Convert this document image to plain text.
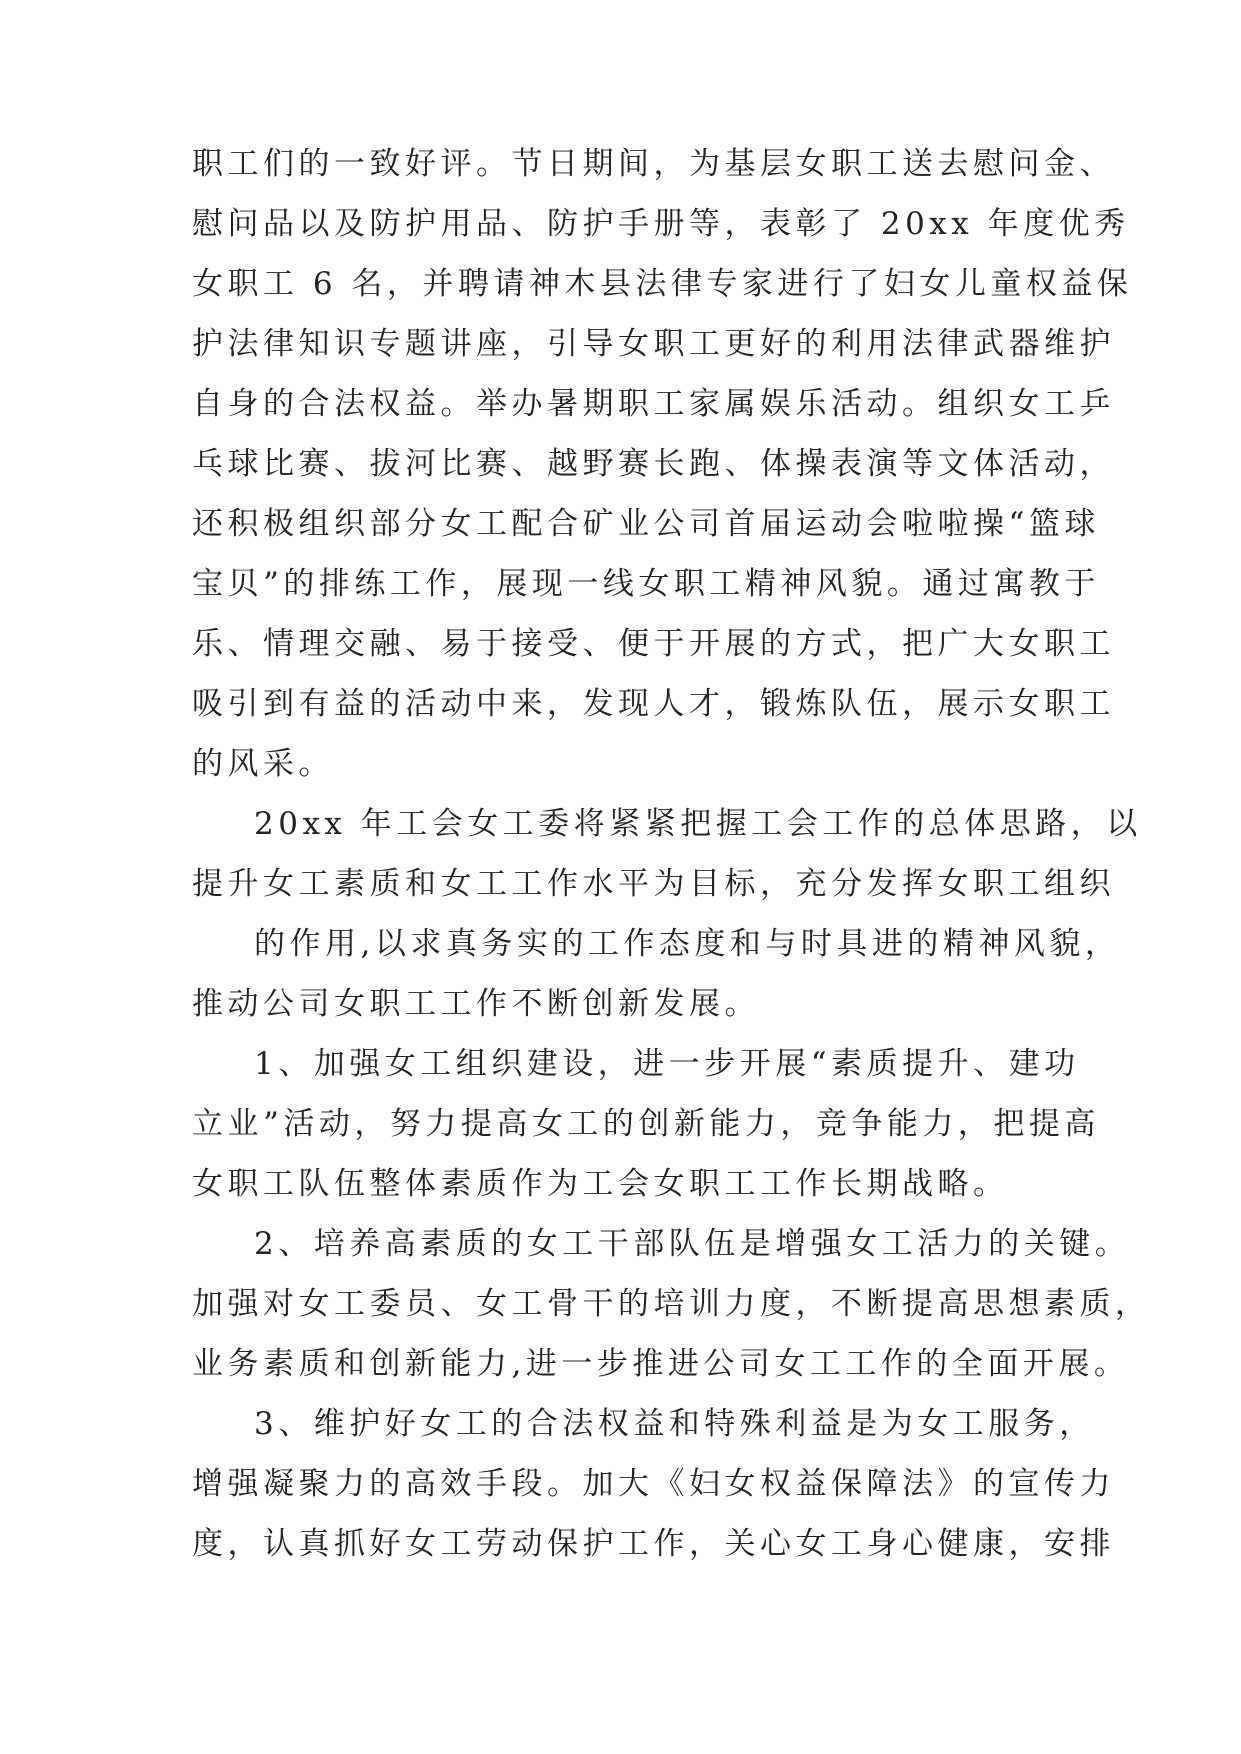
职工们的一致好评。节日期间，为基层女职工送去慰问金、
慰问品以及防护用品、防护手册等，表彰了 20xx 年度优秀
女职工 6 名，并聘请神木县法律专家进行了妇女儿童权益保
护法律知识专题讲座，引导女职工更好的利用法律武器维护
自身的合法权益。举办暑期职工家属娱乐活动。组织女工乒
乓球比赛、拔河比赛、越野赛长跑、体操表演等文体活动，
还积极组织部分女工配合矿业公司首届运动会啦啦操“篮球
宝贝”的排练工作，展现一线女职工精神风貌。通过寓教于
乐、情理交融、易于接受、便于开展的方式，把广大女职工
吸引到有益的活动中来，发现人才，锻炼队伍，展示女职工
的风采。
20xx 年工会女工委将紧紧把握工会工作的总体思路，以
提升女工素质和女工工作水平为目标，充分发挥女职工组织
的作用,以求真务实的工作态度和与时具进的精神风貌，
推动公司女职工工作不断创新发展。
1、加强女工组织建设，进一步开展“素质提升、建功
立业”活动，努力提高女工的创新能力，竞争能力，把提高
女职工队伍整体素质作为工会女职工工作长期战略。
2、培养高素质的女工干部队伍是增强女工活力的关键。
加强对女工委员、女工骨干的培训力度，不断提高思想素质，
业务素质和创新能力,进一步推进公司女工工作的全面开展。
3、维护好女工的合法权益和特殊利益是为女工服务，
增强凝聚力的高效手段。加大《妇女权益保障法》的宣传力
度，认真抓好女工劳动保护工作，关心女工身心健康，安排
